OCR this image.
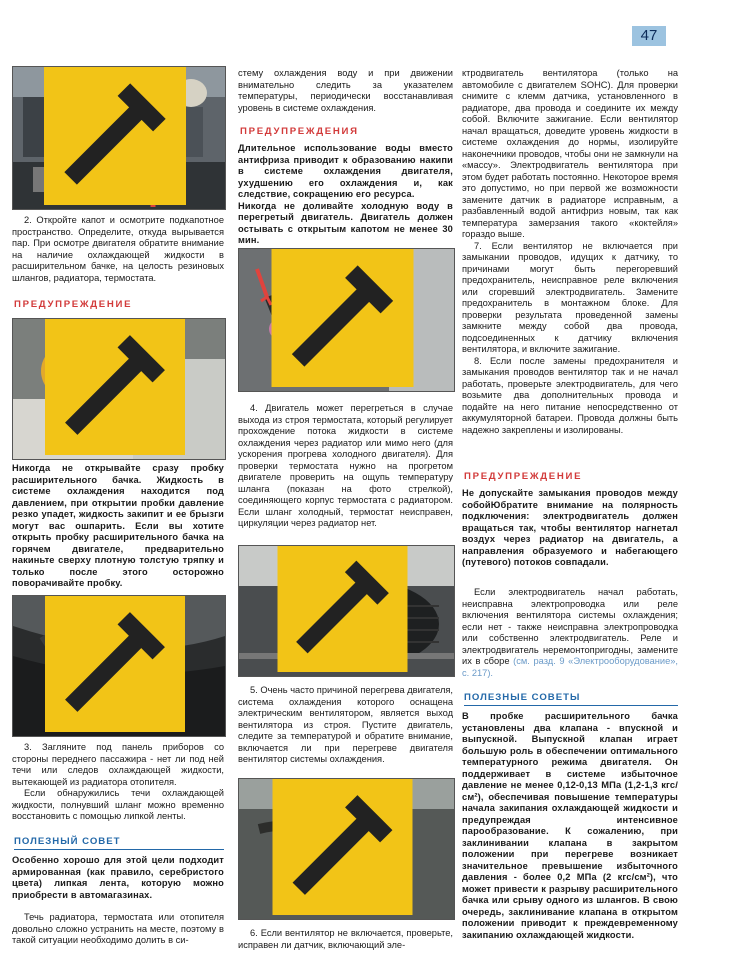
47

2. Откройте капот и осмотрите подкапотное пространство. Определите, откуда вырывается пар. При осмотре двигателя обратите внимание на наличие охлаждающей жидкости в расширительном бачке, на целость резиновых шлангов, радиатора, термостата.

ПРЕДУПРЕЖДЕНИЕ

Никогда не открывайте сразу пробку расширительного бачка. Жидкость в системе охлаждения находится под давлением, при открытии пробки давление резко упадет, жидкость закипит и ее брызги могут вас ошпарить. Если вы хотите открыть пробку расширительного бачка на горячем двигателе, предварительно накиньте сверху плотную толстую тряпку и только после этого осторожно поворачивайте пробку.

3. Загляните под панель приборов со стороны переднего пассажира - нет ли под ней течи или следов охлаждающей жидкости, вытекающей из радиатора отопителя.

Если обнаружились течи охлаждающей жидкости, полнувший шланг можно временно восстановить с помощью липкой ленты.

ПОЛЕЗНЫЙ СОВЕТ

Особенно хорошо для этой цели подходит армированная (как правило, серебристого цвета) липкая лента, которую можно приобрести в автомагазинах.

Течь радиатора, термостата или отопителя довольно сложно устранить на месте, поэтому в такой ситуации необходимо долить в си-

стему охлаждения воду и при движении внимательно следить за указателем температуры, периодически восстанавливая уровень в системе охлаждения.

ПРЕДУПРЕЖДЕНИЯ

Длительное использование воды вместо антифриза приводит к образованию накипи в системе охлаждения двигателя, ухудшению его охлаждения и, как следствие, сокращению его ресурса.

Никогда не доливайте холодную воду в перегретый двигатель. Двигатель должен остывать с открытым капотом не менее 30 мин.

4. Двигатель может перегреться в случае выхода из строя термостата, который регулирует прохождение потока жидкости в системе охлаждения через радиатор или мимо него (для ускорения прогрева холодного двигателя). Для проверки термостата нужно на прогретом двигателе проверить на ощупь температуру шланга (показан на фото стрелкой), соединяющего корпус термостата с радиатором. Если шланг холодный, термостат неисправен, циркуляции через радиатор нет.

5. Очень часто причиной перегрева двигателя, система охлаждения которого оснащена электрическим вентилятором, является выход вентилятора из строя. Пустите двигатель, следите за температурой и обратите внимание, включается ли при перегреве двигателя вентилятор системы охлаждения.

6. Если вентилятор не включается, проверьте, исправен ли датчик, включающий эле-

ктродвигатель вентилятора (только на автомобиле с двигателем SOHC). Для проверки снимите с клемм датчика, установленного в радиаторе, два провода и соедините их между собой. Включите зажигание. Если вентилятор начал вращаться, доведите уровень жидкости в системе охлаждения до нормы, изолируйте наконечники проводов, чтобы они не замкнули на «массу». Электродвигатель вентилятора при этом будет работать постоянно. Некоторое время это допустимо, но при первой же возможности замените датчик в радиаторе исправным, а разбавленный водой антифриз новым, так как температура замерзания такого «коктейля» гораздо выше.

7. Если вентилятор не включается при замыкании проводов, идущих к датчику, то причинами могут быть перегоревший предохранитель, неисправное реле включения или сгоревший электродвигатель. Замените предохранитель в монтажном блоке. Для проверки результата проведенной замены замкните между собой два провода, подсоединенных к датчику включения вентилятора, и включите зажигание.

8. Если после замены предохранителя и замыкания проводов вентилятор так и не начал работать, проверьте электродвигатель, для чего возьмите два дополнительных провода и подайте на него питание непосредственно от аккумуляторной батареи. Провода должны быть надежно закреплены и изолированы.

ПРЕДУПРЕЖДЕНИЕ

Не допускайте замыкания проводов между собойЮбратите внимание на полярность подключения: электродвигатель должен вращаться так, чтобы вентилятор нагнетал воздух через радиатор на двигатель, а направления образуемого и набегающего (путевого) потоков совпадали.

Если электродвигатель начал работать, неисправна электропроводка или реле включения вентилятора системы охлаждения; если нет - также неисправна электропроводка или собственно электродвигатель. Реле и электродвигатель неремонтопригодны, замените их в сборе (см. разд. 9 «Электрооборудование», с. 217).

ПОЛЕЗНЫЕ СОВЕТЫ

В пробке расширительного бачка установлены два клапана - впускной и выпускной. Выпускной клапан играет большую роль в обеспечении оптимального температурного режима двигателя. Он поддерживает в системе избыточное давление не менее 0,12-0,13 МПа (1,2-1,3 кгс/см²), обеспечивая повышение температуры начала закипания охлаждающей жидкости и предупреждая интенсивное парообразование. К сожалению, при заклинивании клапана в закрытом положении при перегреве возникает значительное превышение избыточного давления - более 0,2 МПа (2 кгс/см²), что может привести к разрыву расширительного бачка или срыву одного из шлангов. В свою очередь, заклинивание клапана в открытом положении приводит к преждевременному закипанию охлаждающей жидкости.
